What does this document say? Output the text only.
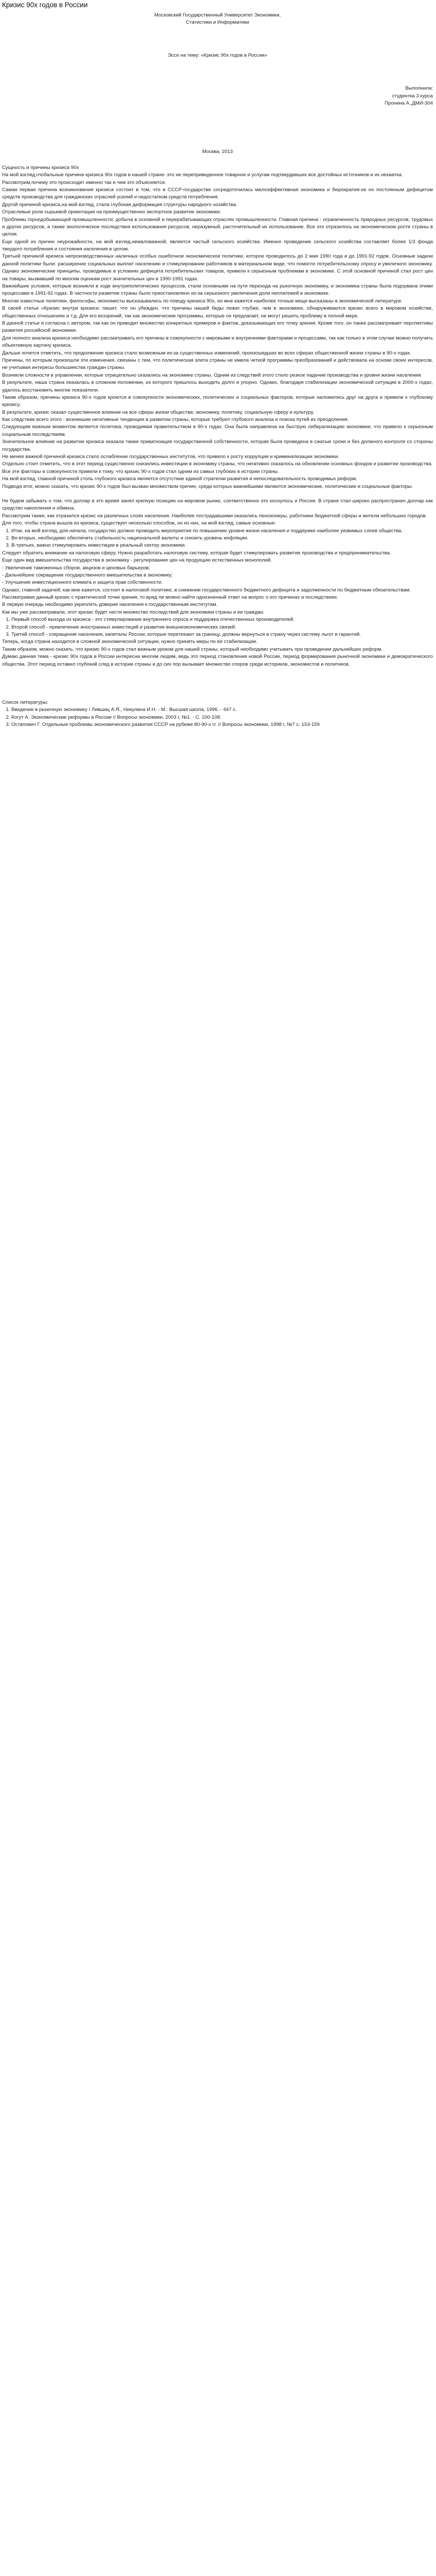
Кризис 90х годов в России

Московский Государственный Университет Экономики,

Статистики и Информатики

Эссе на тему: «Кризис 90х годов в России»

Выполнила:

студентка 3 курса

Пронина А.,ДМИ-304

Москва, 2013

Сущность и причины кризиса 90х

На мой взгляд,глобальные причина кризиса 90х годов в нашей стране- это не переприведенное товарное и услугам подтвердивших все достойных источников и их нехватка.

Рассмотрим,почему это происходит именно так и чем это объясняется.

Самая первая причина возникновения кризиса состоит в том, что в СССР-государстве сосредоточилась малоэффективная экономика и бюрократия-хе но постоянным дефицитом средств производства для гражданских отраслей усилий и недостатком средств потребления.

Другой причиной кризиса,на мой взгляд, стала глубокая деформация структуры народного хозяйства.

Отраслевые роли сырьевой ориентации на преимущественно экспортное развитие экономики.

Проблемы горнодобывающей промышленности: добыча в основной и перерабатывающих отраслях промышленности. Главная причина - ограниченность природных ресурсов, трудовых и других ресурсов, а также экологическое последствия использования ресурсов, неразумный, расточительный их использование. Все это отразилось на экономическом росте страны в целом.

Еще одной из причин неурожайности, на мой взгляд,немаловажной, является частый сельского хозяйства. Именно проведение сельского хозяйства составляет более 1/3 фонда твердого потребления и состояния населения в целом.

Третьей причиной кризиса непроизводственных наличных особых ошибочное экономическое политики, которое проводилось до 2 мая 1990 года и до 1991-92 годов. Основные задачи данной политики были: расширение социальных выплат населению и стимулирование работников в материальном виде, что помогло потребительскому спросу и увеличило экономику. Однако экономические принципы, проводимые в условиях дефицита потребительских товаров, привели к серьезным проблемам в экономике. С этой основной причиной стал рост цен на товары, вызвавший по многим оценкам рост значительных цен в 1990-1991 годах.

Важнейшие условия, которые возникли в ходе внутриполитических процессов, стали основными на пути перехода на рыночную экономику, и экономика страны была подорвана этими процессами в 1991-92 годах. В частности развитие страны было приостановлено из-за серьезного увеличения доли неплатежей в экономике.

Многие известные политики, философы, экономисты высказывались по поводу кризиса 90х, но мне кажется наиболее точные вещи высказаны в экономической литературе.

В своей статье «Кризис внутри кризиса: пишет, что он убежден, что причины нашей беды лежат глубже, чем в экономике, обнаруживаются кризис всего в мировом хозяйстве, общественных отношениях и т.д. Для его воззрений, так как экономические программы, которые он предлагает, не могут решить проблему в полной мере.

В данной статье я согласна с автором, так как он приводит множество конкретных примеров и фактов, доказывающих его точку зрения. Кроме того, он также рассматривает перспективы развития российской экономики.

Для полного анализа кризиса необходимо рассматривать его причины в совокупности с мировыми и внутренними факторами и процессами, так как только в этом случае можно получить объективную картину кризиса.

Дальше хочется отметить, что продолжение кризиса стало возможным из-за существенных изменений, произошедших во всех сферах общественной жизни страны в 90-х годах.

Причины, по которым произошли эти изменения, связаны с тем, что политическая элита страны не имела четкой программы преобразований и действовала на основе своих интересов, не учитывая интересы большинства граждан страны.

Возникли сложности в управлении, которые отрицательно сказались на экономике страны. Одним из следствий этого стало резкое падение производства и уровня жизни населения.

В результате, наша страна оказалась в сложном положении, из которого пришлось выходить долго и упорно. Однако, благодаря стабилизации экономической ситуации в 2000-х годах, удалось восстановить многие показатели.

Таким образом, причины кризиса 90-х годов кроются в совокупности экономических, политических и социальных факторов, которые наложились друг на друга и привели к глубокому кризису.

В результате, кризис оказал существенное влияние на все сферы жизни общества: экономику, политику, социальную сферу и культуру.

Как следствие всего этого - возникшие негативные тенденции в развитии страны, которые требуют глубокого анализа и поиска путей их преодоления.

Следующим важным моментом является политика, проводимая правительством в 90-х годах. Она была направлена на быструю либерализацию экономики, что привело к серьезным социальным последствиям.

Значительное влияние на развитие кризиса оказала также приватизация государственной собственности, которая была проведена в сжатые сроки и без должного контроля со стороны государства.

Не менее важной причиной кризиса стало ослабление государственных институтов, что привело к росту коррупции и криминализации экономики.

Отдельно стоит отметить, что в этот период существенно снизились инвестиции в экономику страны, что негативно сказалось на обновлении основных фондов и развитии производства.

Все эти факторы в совокупности привели к тому, что кризис 90-х годов стал одним из самых глубоких в истории страны.

На мой взгляд, главной причиной столь глубокого кризиса является отсутствие единой стратегии развития и непоследовательность проводимых реформ.

Подводя итог, можно сказать, что кризис 90-х годов был вызван множеством причин, среди которых важнейшими являются экономические, политические и социальные факторы.

Не будем забывать о том, что доллар в это время занял крепкую позицию на мировом рынке, соответственно это коснулось и России. В стране стал широко распространен доллар как средство накопления и обмена.

Рассмотрим также, как отразился кризис на различных слоях населения. Наиболее пострадавшими оказались пенсионеры, работники бюджетной сферы и жители небольших городов.

Для того, чтобы страна вышла из кризиса, существует несколько способов, но из них, на мой взгляд, самые основные:

1. Итак, на мой взгляд, для начала, государство должно проводить мероприятия по повышению уровня жизни населения и поддержке наиболее уязвимых слоев общества.
2. Во-вторых, необходимо обеспечить стабильность национальной валюты и снизить уровень инфляции.
3. В-третьих, важно стимулировать инвестиции в реальный сектор экономики.

Следует обратить внимание на налоговую сферу. Нужно разработать налоговую систему, которая будет стимулировать развитие производства и предпринимательства.

Еще один вид вмешательства государства в экономику - регулирование цен на продукцию естественных монополий.

- Увеличение таможенных сборов, акцизов и ценовых барьеров;

- Дальнейшее сокращение государственного вмешательства в экономику;

- Улучшение инвестиционного климата и защита прав собственности.

Однако, главной задачей, как мне кажется, состоит в налоговой политике, в снижении государственного бюджетного дефицита и задолженности по бюджетным обязательствам.

Рассматривая данный кризис с практической точки зрения, то вряд ли можно найти однозначный ответ на вопрос о его причинах и последствиях.

В первую очередь необходимо укреплять доверие населения к государственным институтам.

Как мы уже рассматривали, этот кризис будет нести множество последствий для экономики страны и ее граждан.

1. Первый способ выхода из кризиса - это стимулирование внутреннего спроса и поддержка отечественных производителей.
2. Второй способ - привлечение иностранных инвестиций и развитие внешнеэкономических связей.
3. Третий способ - сокращение населения, капиталы России, которые перетекают за границу, должны вернуться в страну через систему льгот и гарантий.

Теперь, когда страна находится в сложной экономической ситуации, нужно принять меры по ее стабилизации.

Таким образом, можно сказать, что кризис 90-х годов стал важным уроком для нашей страны, который необходимо учитывать при проведении дальнейших реформ.

Думаю данная тема - кризис 90х годов в России интересна многим людям, ведь это период становления новой России, период формирования рыночной экономики и демократического общества. Этот период оставил глубокий след в истории страны и до сих пор вызывает множество споров среди историков, экономистов и политиков.

Список литературы:

1. Введение в рыночную экономику / Лившиц А.Я., Никулина И.Н. - М.: Высшая школа, 1996. - 447 с.
2. Когут А. Экономические реформы в России // Вопросы экономики, 2003 г, №1. - С. 100-108.
3. Остапович Г. Отдельные проблемы экономического развития СССР на рубеже 80-90-х гг. // Вопросы экономики, 1998 г, №7 с. 153-159
